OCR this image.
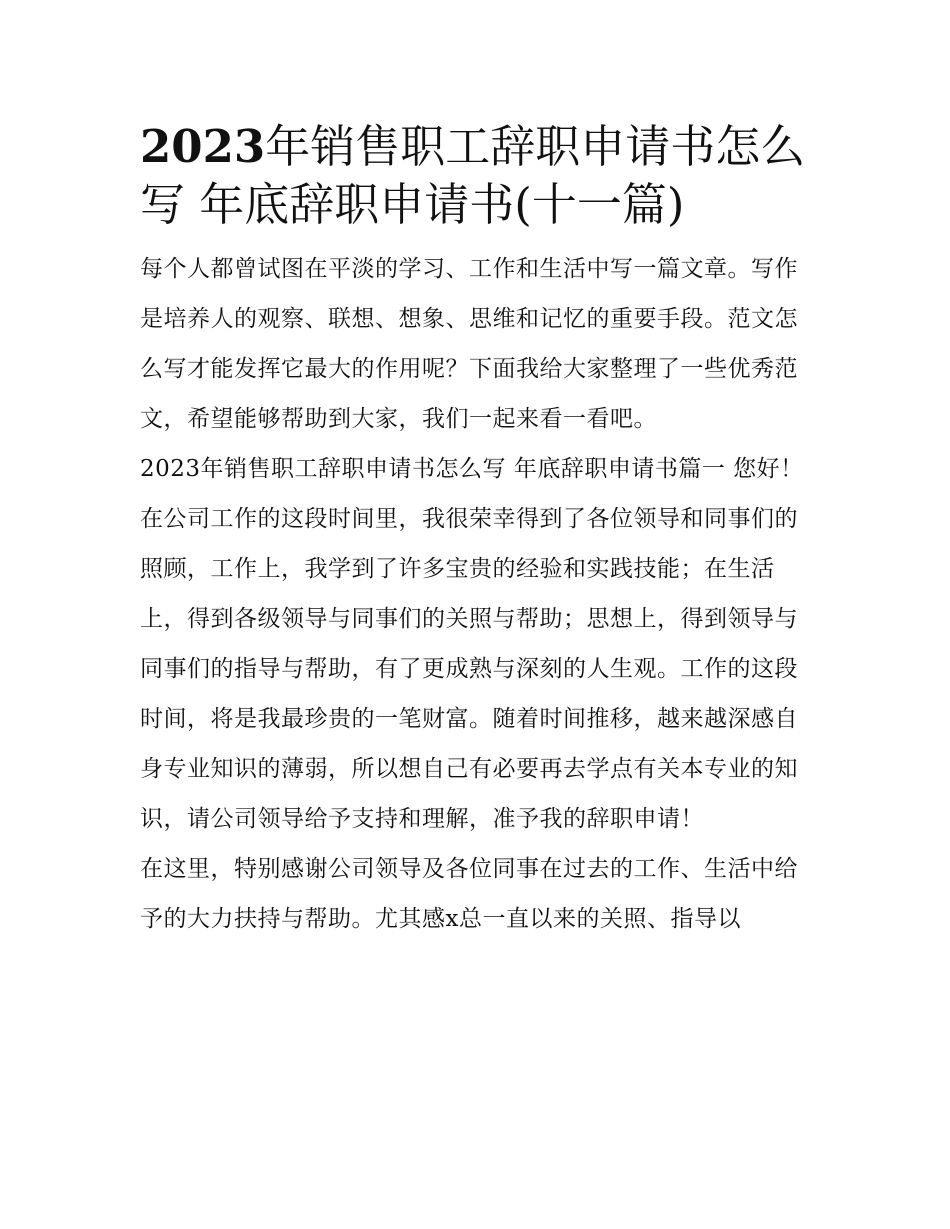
2023年销售职工辞职申请书怎么写 年底辞职申请书(十一篇)

每个人都曾试图在平淡的学习、工作和生活中写一篇文章。写作是培养人的观察、联想、想象、思维和记忆的重要手段。范文怎么写才能发挥它最大的作用呢？下面我给大家整理了一些优秀范文，希望能够帮助到大家，我们一起来看一看吧。

2023年销售职工辞职申请书怎么写 年底辞职申请书篇一 您好！

在公司工作的这段时间里，我很荣幸得到了各位领导和同事们的照顾，工作上，我学到了许多宝贵的经验和实践技能；在生活上，得到各级领导与同事们的关照与帮助；思想上，得到领导与同事们的指导与帮助，有了更成熟与深刻的人生观。工作的这段时间，将是我最珍贵的一笔财富。随着时间推移，越来越深感自身专业知识的薄弱，所以想自己有必要再去学点有关本专业的知识，请公司领导给予支持和理解，准予我的辞职申请！

在这里，特别感谢公司领导及各位同事在过去的工作、生活中给予的大力扶持与帮助。尤其感x总一直以来的关照、指导以
